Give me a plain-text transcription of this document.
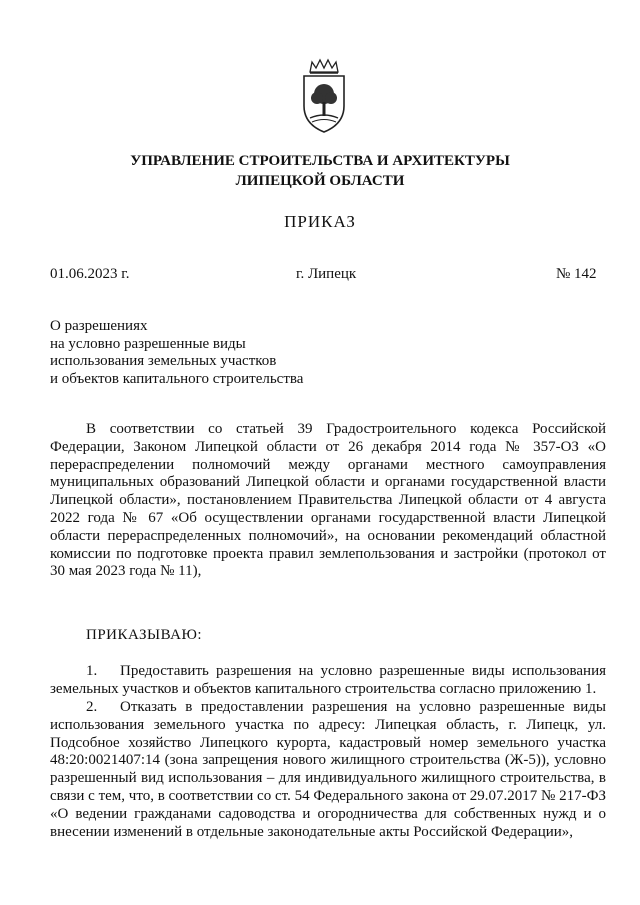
УПРАВЛЕНИЕ СТРОИТЕЛЬСТВА И АРХИТЕКТУРЫ
ЛИПЕЦКОЙ ОБЛАСТИ
ПРИКАЗ
01.06.2023 г.	г. Липецк	№ 142
О разрешениях
на условно разрешенные виды
использования земельных участков
и объектов капитального строительства
В соответствии со статьей 39 Градостроительного кодекса Российской Федерации, Законом Липецкой области от 26 декабря 2014 года № 357-ОЗ «О перераспределении полномочий между органами местного самоуправления муниципальных образований Липецкой области и органами государственной власти Липецкой области», постановлением Правительства Липецкой области от 4 августа 2022 года № 67 «Об осуществлении органами государственной власти Липецкой области перераспределенных полномочий», на основании рекомендаций областной комиссии по подготовке проекта правил землепользования и застройки (протокол от 30 мая 2023 года № 11),
ПРИКАЗЫВАЮ:
1. Предоставить разрешения на условно разрешенные виды использования земельных участков и объектов капитального строительства согласно приложению 1.
2. Отказать в предоставлении разрешения на условно разрешенные виды использования земельного участка по адресу: Липецкая область, г. Липецк, ул. Подсобное хозяйство Липецкого курорта, кадастровый номер земельного участка 48:20:0021407:14 (зона запрещения нового жилищного строительства (Ж-5)), условно разрешенный вид использования – для индивидуального жилищного строительства, в связи с тем, что, в соответствии со ст. 54 Федерального закона от 29.07.2017 № 217-ФЗ «О ведении гражданами садоводства и огородничества для собственных нужд и о внесении изменений в отдельные законодательные акты Российской Федерации»,
